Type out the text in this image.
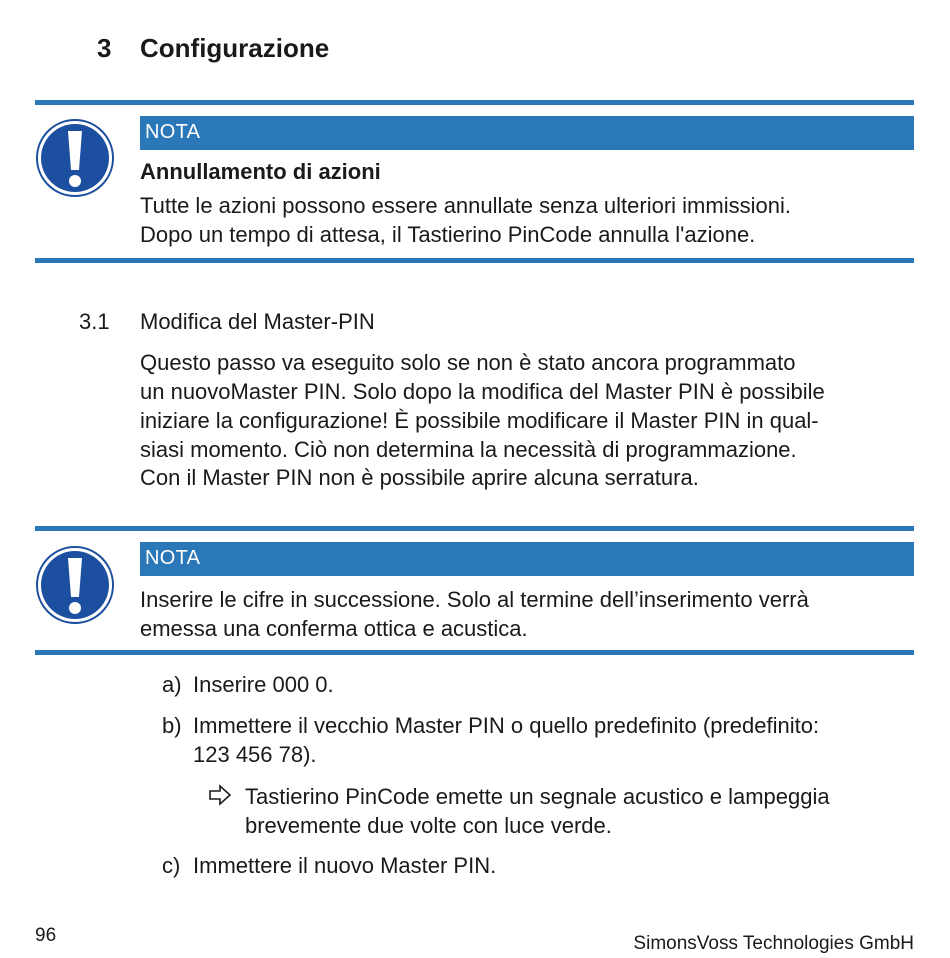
3 Configurazione
NOTA
Annullamento di azioni
Tutte le azioni possono essere annullate senza ulteriori immissioni.
Dopo un tempo di attesa, il Tastierino PinCode annulla l'azione.
3.1 Modifica del Master-PIN
Questo passo va eseguito solo se non è stato ancora programmato
un nuovoMaster PIN. Solo dopo la modifica del Master PIN è possibile
iniziare la configurazione! È possibile modificare il Master PIN in qual-
siasi momento. Ciò non determina la necessità di programmazione.
Con il Master PIN non è possibile aprire alcuna serratura.
NOTA
Inserire le cifre in successione. Solo al termine dell’inserimento verrà
emessa una conferma ottica e acustica.
a) Inserire 000 0.
b) Immettere il vecchio Master PIN o quello predefinito (predefinito:
123 456 78).
Tastierino PinCode emette un segnale acustico e lampeggia
brevemente due volte con luce verde.
c) Immettere il nuovo Master PIN.
96	SimonsVoss Technologies GmbH
